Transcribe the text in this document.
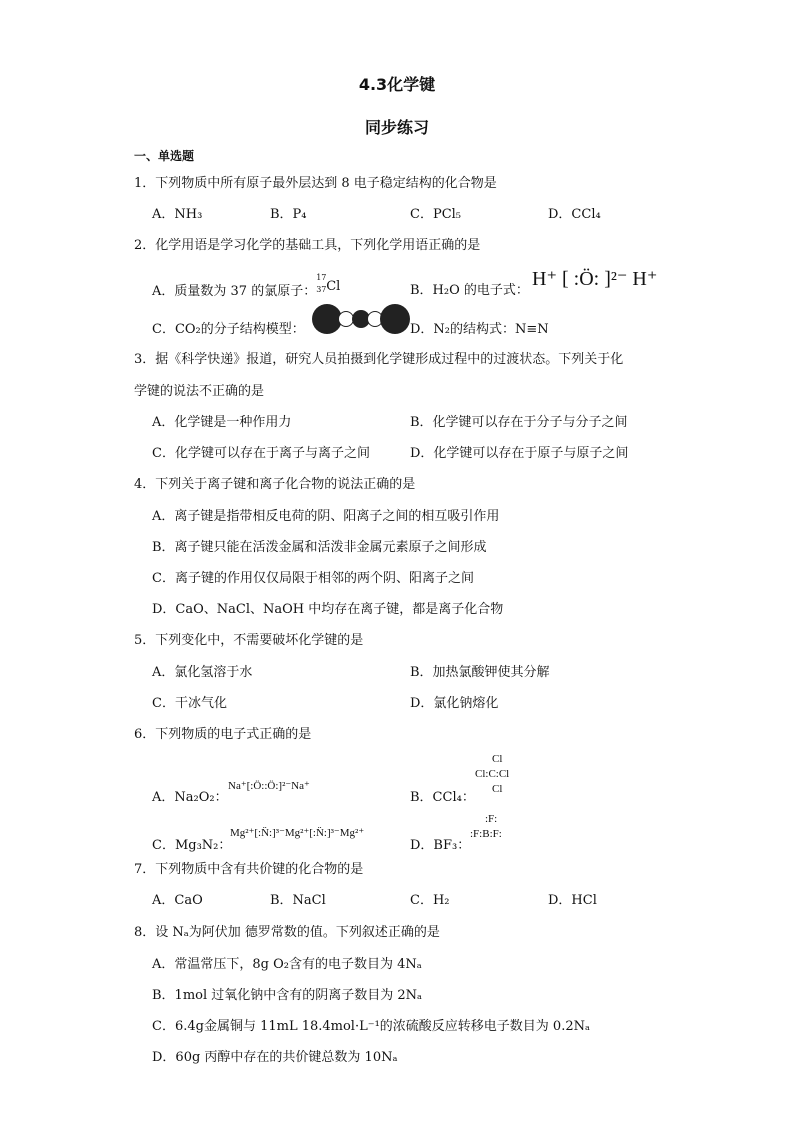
4.3化学键
同步练习
一、单选题
1．下列物质中所有原子最外层达到 8 电子稳定结构的化合物是
A．NH₃	B．P₄	C．PCl₅	D．CCl₄
2．化学用语是学习化学的基础工具，下列化学用语正确的是
A．质量数为 37 的氯原子：
17
37 Cl	B．H₂O 的电子式：
H⁺ [ :Ö: ]²⁻ H⁺
C．CO₂的分子结构模型：	D．N₂的结构式：N≡N
3．据《科学快递》报道，研究人员拍摄到化学键形成过程中的过渡状态。下列关于化
学键的说法不正确的是
A．化学键是一种作用力	B．化学键可以存在于分子与分子之间
C．化学键可以存在于离子与离子之间	D．化学键可以存在于原子与原子之间
4．下列关于离子键和离子化合物的说法正确的是
A．离子键是指带相反电荷的阴、阳离子之间的相互吸引作用
B．离子键只能在活泼金属和活泼非金属元素原子之间形成
C．离子键的作用仅仅局限于相邻的两个阴、阳离子之间
D．CaO、NaCl、NaOH 中均存在离子键，都是离子化合物
5．下列变化中，不需要破坏化学键的是
A．氯化氢溶于水	B．加热氯酸钾使其分解
C．干冰气化	D．氯化钠熔化
6．下列物质的电子式正确的是
A．Na₂O₂：
Na⁺[:Ö::Ö:]²⁻Na⁺
B．CCl₄：
Cl
Cl:C:Cl
Cl
C．Mg₃N₂：
Mg²⁺[:N̈:]³⁻Mg²⁺[:N̈:]³⁻Mg²⁺
D．BF₃：
:F:
:F:B:F:
7．下列物质中含有共价键的化合物的是
A．CaO	B．NaCl	C．H₂	D．HCl
8．设 Nₐ为阿伏加 德罗常数的值。下列叙述正确的是
A．常温常压下，8g O₂含有的电子数目为 4Nₐ
B．1mol 过氧化钠中含有的阴离子数目为 2Nₐ
C．6.4g金属铜与 11mL 18.4mol·L⁻¹的浓硫酸反应转移电子数目为 0.2Nₐ
D．60g 丙醇中存在的共价键总数为 10Nₐ
